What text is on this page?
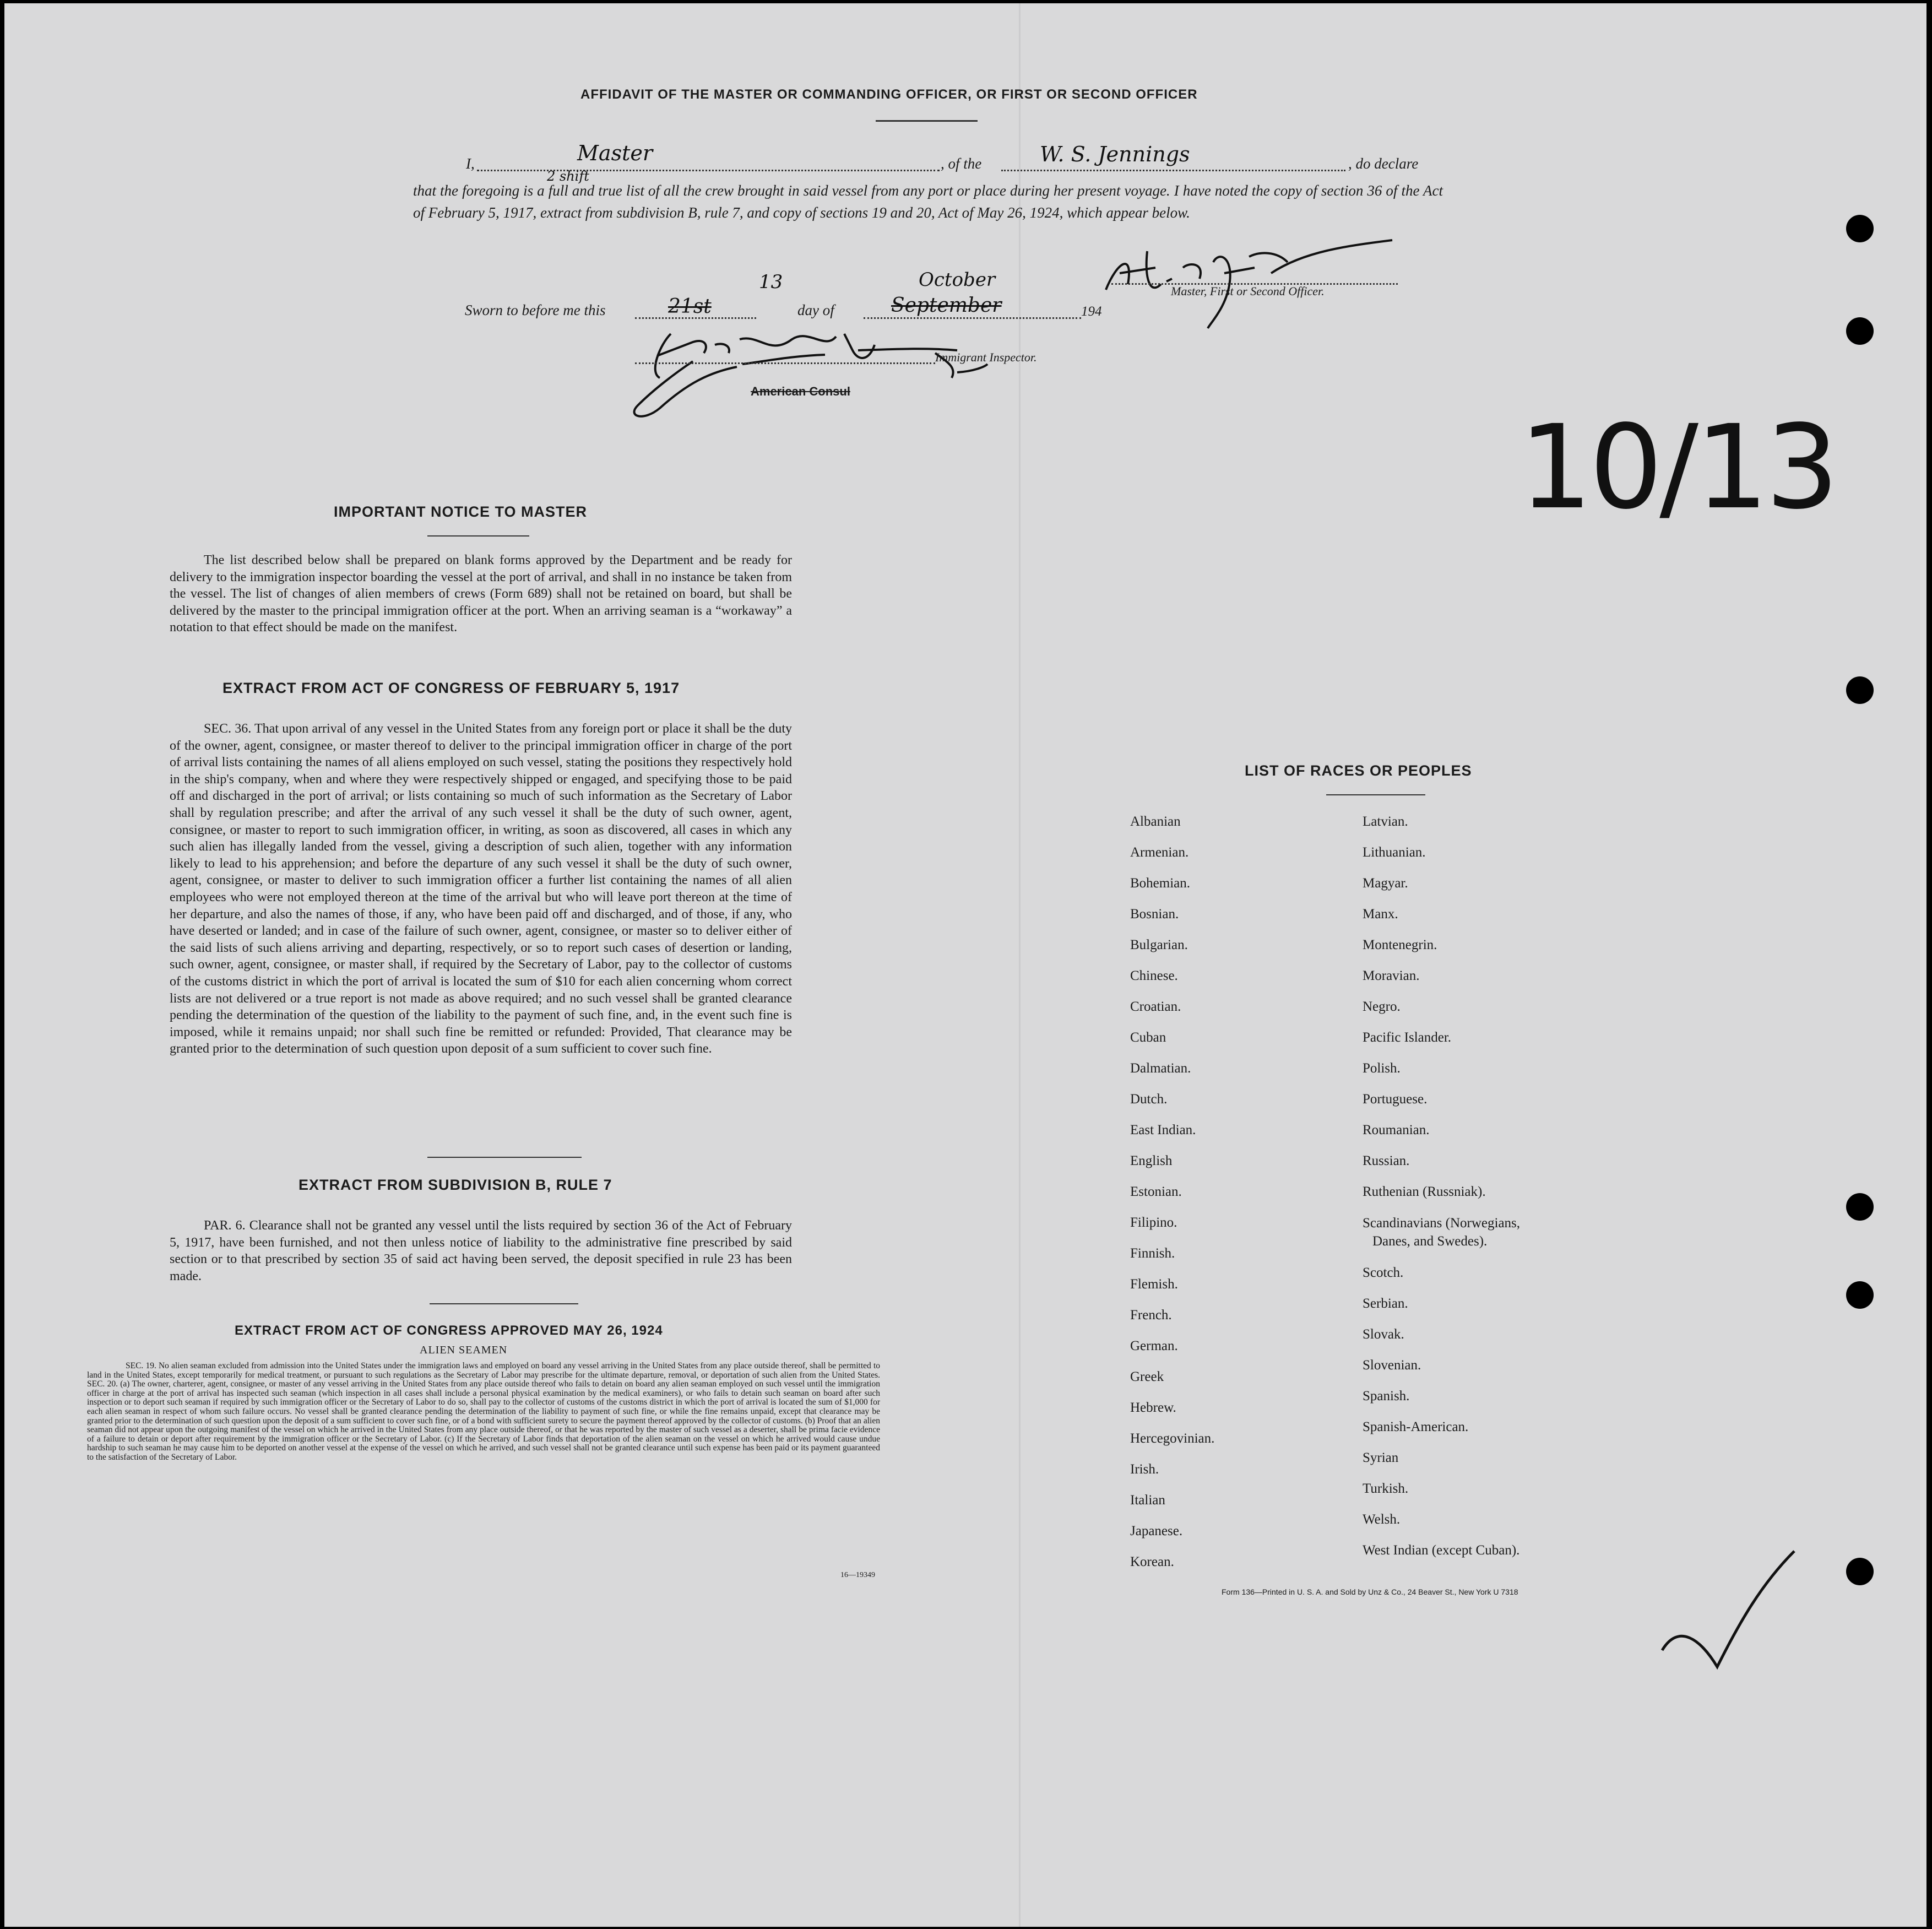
AFFIDAVIT OF THE MASTER OR COMMANDING OFFICER, OR FIRST OR SECOND OFFICER
I,	Master	, of the	W. S. Jennings	, do declare
2 shift
that the foregoing is a full and true list of all the crew brought in said vessel from any port or place during her present voyage. I have noted the copy of section 36 of the Act of February 5, 1917, extract from subdivision B, rule 7, and copy of sections 19 and 20, Act of May 26, 1924, which appear below.
Master, First or Second Officer.
Sworn to before me this	21st
13
day of	September
October
194
Immigrant Inspector.
American Consul
10/13
IMPORTANT NOTICE TO MASTER
The list described below shall be prepared on blank forms approved by the Department and be ready for delivery to the immigration inspector boarding the vessel at the port of arrival, and shall in no instance be taken from the vessel. The list of changes of alien members of crews (Form 689) shall not be retained on board, but shall be delivered by the master to the principal immigration officer at the port. When an arriving seaman is a “workaway” a notation to that effect should be made on the manifest.
EXTRACT FROM ACT OF CONGRESS OF FEBRUARY 5, 1917
SEC. 36. That upon arrival of any vessel in the United States from any foreign port or place it shall be the duty of the owner, agent, consignee, or master thereof to deliver to the principal immigration officer in charge of the port of arrival lists containing the names of all aliens employed on such vessel, stating the positions they respectively hold in the ship's company, when and where they were respectively shipped or engaged, and specifying those to be paid off and discharged in the port of arrival; or lists containing so much of such information as the Secretary of Labor shall by regulation prescribe; and after the arrival of any such vessel it shall be the duty of such owner, agent, consignee, or master to report to such immigration officer, in writing, as soon as discovered, all cases in which any such alien has illegally landed from the vessel, giving a description of such alien, together with any information likely to lead to his apprehension; and before the departure of any such vessel it shall be the duty of such owner, agent, consignee, or master to deliver to such immigration officer a further list containing the names of all alien employees who were not employed thereon at the time of the arrival but who will leave port thereon at the time of her departure, and also the names of those, if any, who have been paid off and discharged, and of those, if any, who have deserted or landed; and in case of the failure of such owner, agent, consignee, or master so to deliver either of the said lists of such aliens arriving and departing, respectively, or so to report such cases of desertion or landing, such owner, agent, consignee, or master shall, if required by the Secretary of Labor, pay to the collector of customs of the customs district in which the port of arrival is located the sum of $10 for each alien concerning whom correct lists are not delivered or a true report is not made as above required; and no such vessel shall be granted clearance pending the determination of the question of the liability to the payment of such fine, and, in the event such fine is imposed, while it remains unpaid; nor shall such fine be remitted or refunded: Provided, That clearance may be granted prior to the determination of such question upon deposit of a sum sufficient to cover such fine.
EXTRACT FROM SUBDIVISION B, RULE 7
PAR. 6. Clearance shall not be granted any vessel until the lists required by section 36 of the Act of February 5, 1917, have been furnished, and not then unless notice of liability to the administrative fine prescribed by said section or to that prescribed by section 35 of said act having been served, the deposit specified in rule 23 has been made.
EXTRACT FROM ACT OF CONGRESS APPROVED MAY 26, 1924
ALIEN SEAMEN
SEC. 19. No alien seaman excluded from admission into the United States under the immigration laws and employed on board any vessel arriving in the United States from any place outside thereof, shall be permitted to land in the United States, except temporarily for medical treatment, or pursuant to such regulations as the Secretary of Labor may prescribe for the ultimate departure, removal, or deportation of such alien from the United States. SEC. 20. (a) The owner, charterer, agent, consignee, or master of any vessel arriving in the United States from any place outside thereof who fails to detain on board any alien seaman employed on such vessel until the immigration officer in charge at the port of arrival has inspected such seaman (which inspection in all cases shall include a personal physical examination by the medical examiners), or who fails to detain such seaman on board after such inspection or to deport such seaman if required by such immigration officer or the Secretary of Labor to do so, shall pay to the collector of customs of the customs district in which the port of arrival is located the sum of $1,000 for each alien seaman in respect of whom such failure occurs. No vessel shall be granted clearance pending the determination of the liability to payment of such fine, or while the fine remains unpaid, except that clearance may be granted prior to the determination of such question upon the deposit of a sum sufficient to cover such fine, or of a bond with sufficient surety to secure the payment thereof approved by the collector of customs. (b) Proof that an alien seaman did not appear upon the outgoing manifest of the vessel on which he arrived in the United States from any place outside thereof, or that he was reported by the master of such vessel as a deserter, shall be prima facie evidence of a failure to detain or deport after requirement by the immigration officer or the Secretary of Labor. (c) If the Secretary of Labor finds that deportation of the alien seaman on the vessel on which he arrived would cause undue hardship to such seaman he may cause him to be deported on another vessel at the expense of the vessel on which he arrived, and such vessel shall not be granted clearance until such expense has been paid or its payment guaranteed to the satisfaction of the Secretary of Labor.
16—19349
LIST OF RACES OR PEOPLES
Albanian
Armenian.
Bohemian.
Bosnian.
Bulgarian.
Chinese.
Croatian.
Cuban
Dalmatian.
Dutch.
East Indian.
English
Estonian.
Filipino.
Finnish.
Flemish.
French.
German.
Greek
Hebrew.
Hercegovinian.
Irish.
Italian
Japanese.
Korean.
Latvian.
Lithuanian.
Magyar.
Manx.
Montenegrin.
Moravian.
Negro.
Pacific Islander.
Polish.
Portuguese.
Roumanian.
Russian.
Ruthenian (Russniak).
Scandinavians (Norwegians,
Danes, and Swedes).
Scotch.
Serbian.
Slovak.
Slovenian.
Spanish.
Spanish-American.
Syrian
Turkish.
Welsh.
West Indian (except Cuban).
Form 136—Printed in U. S. A. and Sold by Unz & Co., 24 Beaver St., New York U 7318
